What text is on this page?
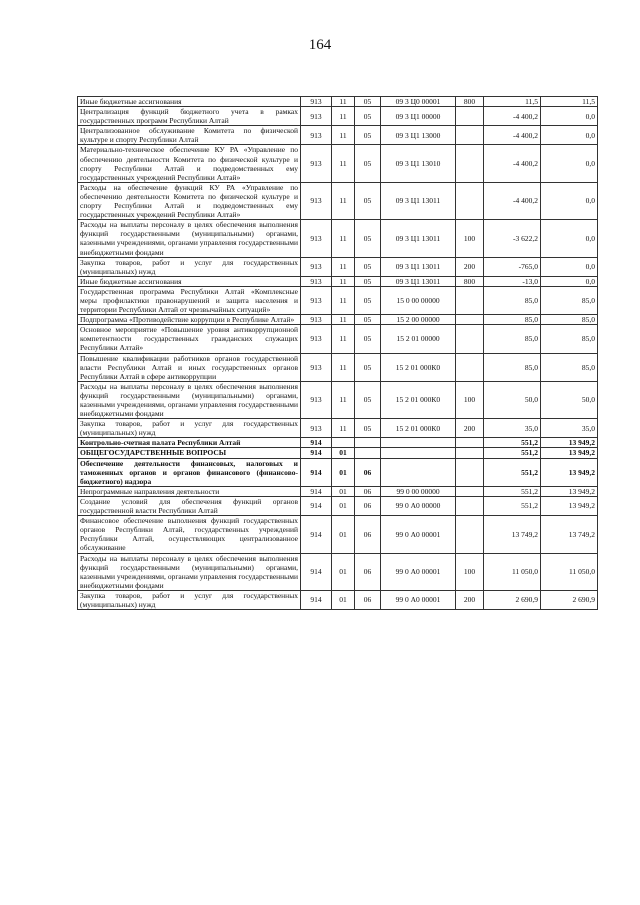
164
Иные бюджетные ассигнования	913	11	05	09 3 Ц0 00001	800	11,5	11,5
Централизация функций бюджетного учета в рамках государственных программ Республики Алтай	913	11	05	09 3 Ц1 00000		-4 400,2	0,0
Централизованное обслуживание Комитета по физической культуре и спорту Республики Алтай	913	11	05	09 3 Ц1 13000		-4 400,2	0,0
Материально-техническое обеспечение КУ РА «Управление по обеспечению деятельности Комитета по физической культуре и спорту Республики Алтай и подведомственных ему государственных учреждений Республики Алтай»	913	11	05	09 3 Ц1 13010		-4 400,2	0,0
Расходы на обеспечение функций КУ РА «Управление по обеспечению деятельности Комитета по физической культуре и спорту Республики Алтай и подведомственных ему государственных учреждений Республики Алтай»	913	11	05	09 3 Ц1 13011		-4 400,2	0,0
Расходы на выплаты персоналу в целях обеспечения выполнения функций государственными (муниципальными) органами, казенными учреждениями, органами управления государственными внебюджетными фондами	913	11	05	09 3 Ц1 13011	100	-3 622,2	0,0
Закупка товаров, работ и услуг для государственных (муниципальных) нужд	913	11	05	09 3 Ц1 13011	200	-765,0	0,0
Иные бюджетные ассигнования	913	11	05	09 3 Ц1 13011	800	-13,0	0,0
Государственная программа Республики Алтай «Комплексные меры профилактики правонарушений и защита населения и территории Республики Алтай от чрезвычайных ситуаций»	913	11	05	15 0 00 00000		85,0	85,0
Подпрограмма «Противодействие коррупции в Республике Алтай»	913	11	05	15 2 00 00000		85,0	85,0
Основное мероприятие «Повышение уровня антикоррупционной компетентности государственных гражданских служащих Республики Алтай»	913	11	05	15 2 01 00000		85,0	85,0
Повышение квалификации работников органов государственной власти Республики Алтай и иных государственных органов Республики Алтай в сфере антикоррупции	913	11	05	15 2 01 000К0		85,0	85,0
Расходы на выплаты персоналу в целях обеспечения выполнения функций государственными (муниципальными) органами, казенными учреждениями, органами управления государственными внебюджетными фондами	913	11	05	15 2 01 000К0	100	50,0	50,0
Закупка товаров, работ и услуг для государственных (муниципальных) нужд	913	11	05	15 2 01 000К0	200	35,0	35,0
Контрольно-счетная палата Республики Алтай	914					551,2	13 949,2
ОБЩЕГОСУДАРСТВЕННЫЕ ВОПРОСЫ	914	01				551,2	13 949,2
Обеспечение деятельности финансовых, налоговых и таможенных органов и органов финансового (финансово-бюджетного) надзора	914	01	06			551,2	13 949,2
Непрограммные направления деятельности	914	01	06	99 0 00 00000		551,2	13 949,2
Создание условий для обеспечения функций органов государственной власти Республики Алтай	914	01	06	99 0 А0 00000		551,2	13 949,2
Финансовое обеспечение выполнения функций государственных органов Республики Алтай, государственных учреждений Республики Алтай, осуществляющих централизованное обслуживание	914	01	06	99 0 А0 00001		13 749,2	13 749,2
Расходы на выплаты персоналу в целях обеспечения выполнения функций государственными (муниципальными) органами, казенными учреждениями, органами управления государственными внебюджетными фондами	914	01	06	99 0 А0 00001	100	11 050,0	11 050,0
Закупка товаров, работ и услуг для государственных (муниципальных) нужд	914	01	06	99 0 А0 00001	200	2 690,9	2 690,9
